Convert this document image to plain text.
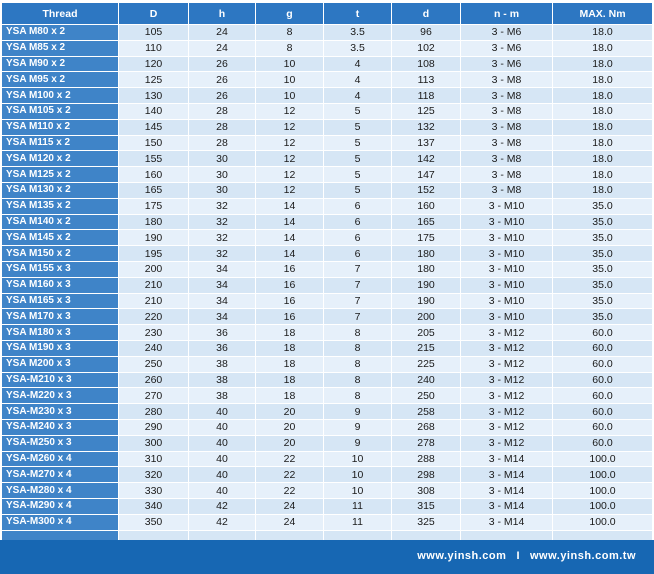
Thread	D	h	g	t	d	n - m	MAX. Nm
YSA M80 x 2	105	24	8	3.5	96	3 - M6	18.0
YSA M85 x 2	110	24	8	3.5	102	3 - M6	18.0
YSA M90 x 2	120	26	10	4	108	3 - M6	18.0
YSA M95 x 2	125	26	10	4	113	3 - M8	18.0
YSA M100 x 2	130	26	10	4	118	3 - M8	18.0
YSA M105 x 2	140	28	12	5	125	3 - M8	18.0
YSA M110 x 2	145	28	12	5	132	3 - M8	18.0
YSA M115 x 2	150	28	12	5	137	3 - M8	18.0
YSA M120 x 2	155	30	12	5	142	3 - M8	18.0
YSA M125 x 2	160	30	12	5	147	3 - M8	18.0
YSA M130 x 2	165	30	12	5	152	3 - M8	18.0
YSA M135 x 2	175	32	14	6	160	3 - M10	35.0
YSA M140 x 2	180	32	14	6	165	3 - M10	35.0
YSA M145 x 2	190	32	14	6	175	3 - M10	35.0
YSA M150 x 2	195	32	14	6	180	3 - M10	35.0
YSA M155 x 3	200	34	16	7	180	3 - M10	35.0
YSA M160 x 3	210	34	16	7	190	3 - M10	35.0
YSA M165 x 3	210	34	16	7	190	3 - M10	35.0
YSA M170 x 3	220	34	16	7	200	3 - M10	35.0
YSA M180 x 3	230	36	18	8	205	3 - M12	60.0
YSA M190 x 3	240	36	18	8	215	3 - M12	60.0
YSA M200 x 3	250	38	18	8	225	3 - M12	60.0
YSA-M210 x 3	260	38	18	8	240	3 - M12	60.0
YSA-M220 x 3	270	38	18	8	250	3 - M12	60.0
YSA-M230 x 3	280	40	20	9	258	3 - M12	60.0
YSA-M240 x 3	290	40	20	9	268	3 - M12	60.0
YSA-M250 x 3	300	40	20	9	278	3 - M12	60.0
YSA-M260 x 4	310	40	22	10	288	3 - M14	100.0
YSA-M270 x 4	320	40	22	10	298	3 - M14	100.0
YSA-M280 x 4	330	40	22	10	308	3 - M14	100.0
YSA-M290 x 4	340	42	24	11	315	3 - M14	100.0
YSA-M300 x 4	350	42	24	11	325	3 - M14	100.0

www.yinsh.com I www.yinsh.com.tw
